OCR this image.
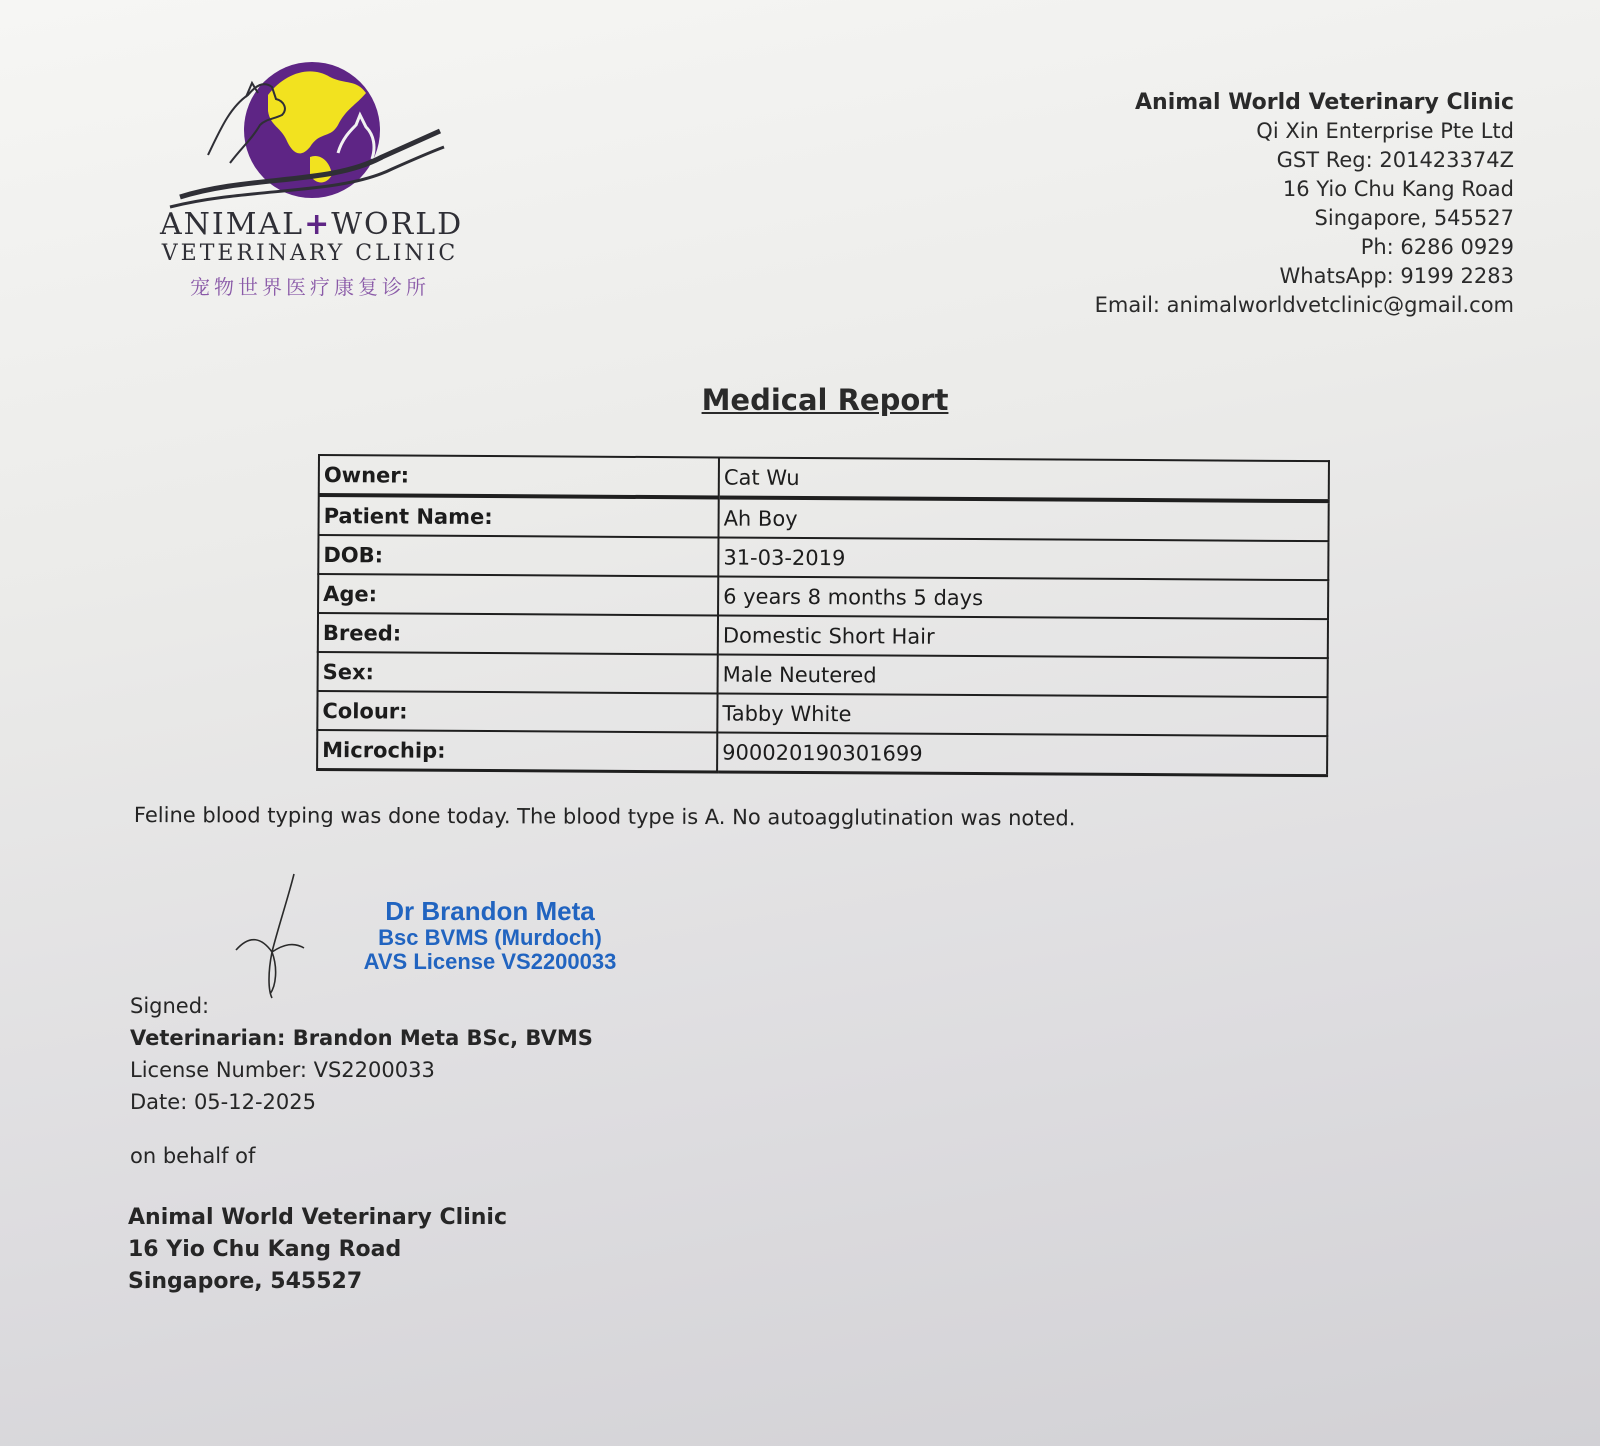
ANIMAL+WORLD
VETERINARY CLINIC
宠物世界医疗康复诊所
Animal World Veterinary Clinic
Qi Xin Enterprise Pte Ltd
GST Reg: 201423374Z
16 Yio Chu Kang Road
Singapore, 545527
Ph: 6286 0929
WhatsApp: 9199 2283
Email: animalworldvetclinic@gmail.com
Medical Report
Owner:	Cat Wu
Patient Name:	Ah Boy
DOB:	31-03-2019
Age:	6 years 8 months 5 days
Breed:	Domestic Short Hair
Sex:	Male Neutered
Colour:	Tabby White
Microchip:	900020190301699
Feline blood typing was done today. The blood type is A. No autoagglutination was noted.
Dr Brandon Meta
Bsc BVMS (Murdoch)
AVS License VS2200033
Signed:
Veterinarian: Brandon Meta BSc, BVMS
License Number: VS2200033
Date: 05-12-2025
on behalf of
Animal World Veterinary Clinic
16 Yio Chu Kang Road
Singapore, 545527
